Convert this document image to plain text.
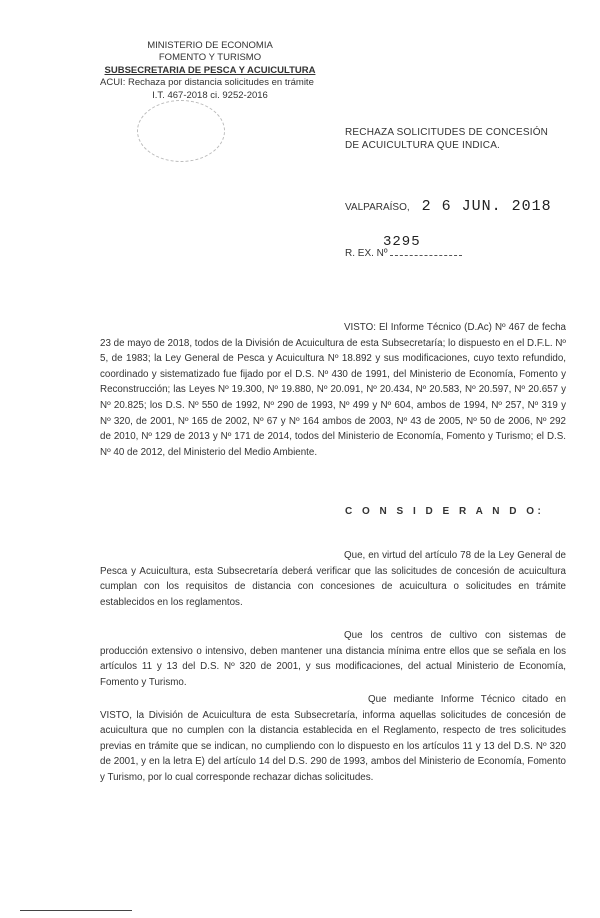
MINISTERIO DE ECONOMIA
FOMENTO Y TURISMO
SUBSECRETARIA DE PESCA Y ACUICULTURA
ACUI: Rechaza por distancia solicitudes en trámite
I.T. 467-2018 ci. 9252-2016
RECHAZA SOLICITUDES DE CONCESIÓN DE ACUICULTURA QUE INDICA.
VALPARAÍSO, 2 6 JUN. 2018
R. EX. Nº
3295

VISTO: El Informe Técnico (D.Ac) Nº 467 de fecha 23 de mayo de 2018, todos de la División de Acuicultura de esta Subsecretaría; lo dispuesto en el D.F.L. Nº 5, de 1983; la Ley General de Pesca y Acuicultura Nº 18.892 y sus modificaciones, cuyo texto refundido, coordinado y sistematizado fue fijado por el D.S. Nº 430 de 1991, del Ministerio de Economía, Fomento y Reconstrucción; las Leyes Nº 19.300, Nº 19.880, Nº 20.091, Nº 20.434, Nº 20.583, Nº 20.597, Nº 20.657 y Nº 20.825; los D.S. Nº 550 de 1992, Nº 290 de 1993, Nº 499 y Nº 604, ambos de 1994, Nº 257, Nº 319 y Nº 320, de 2001, Nº 165 de 2002, Nº 67 y Nº 164 ambos de 2003, Nº 43 de 2005, Nº 50 de 2006, Nº 292 de 2010, Nº 129 de 2013 y Nº 171 de 2014, todos del Ministerio de Economía, Fomento y Turismo; el D.S. Nº 40 de 2012, del Ministerio del Medio Ambiente.

C O N S I D E R A N D O:

Que, en virtud del artículo 78 de la Ley General de Pesca y Acuicultura, esta Subsecretaría deberá verificar que las solicitudes de concesión de acuicultura cumplan con los requisitos de distancia con concesiones de acuicultura o solicitudes en trámite establecidos en los reglamentos.

Que los centros de cultivo con sistemas de producción extensivo o intensivo, deben mantener una distancia mínima entre ellos que se señala en los artículos 11 y 13 del D.S. Nº 320 de 2001, y sus modificaciones, del actual Ministerio de Economía, Fomento y Turismo.

Que mediante Informe Técnico citado en VISTO, la División de Acuicultura de esta Subsecretaría, informa aquellas solicitudes de concesión de acuicultura que no cumplen con la distancia establecida en el Reglamento, respecto de tres solicitudes previas en trámite que se indican, no cumpliendo con lo dispuesto en los artículos 11 y 13 del D.S. Nº 320 de 2001, y en la letra E) del artículo 14 del D.S. 290 de 1993, ambos del Ministerio de Economía, Fomento y Turismo, por lo cual corresponde rechazar dichas solicitudes.
